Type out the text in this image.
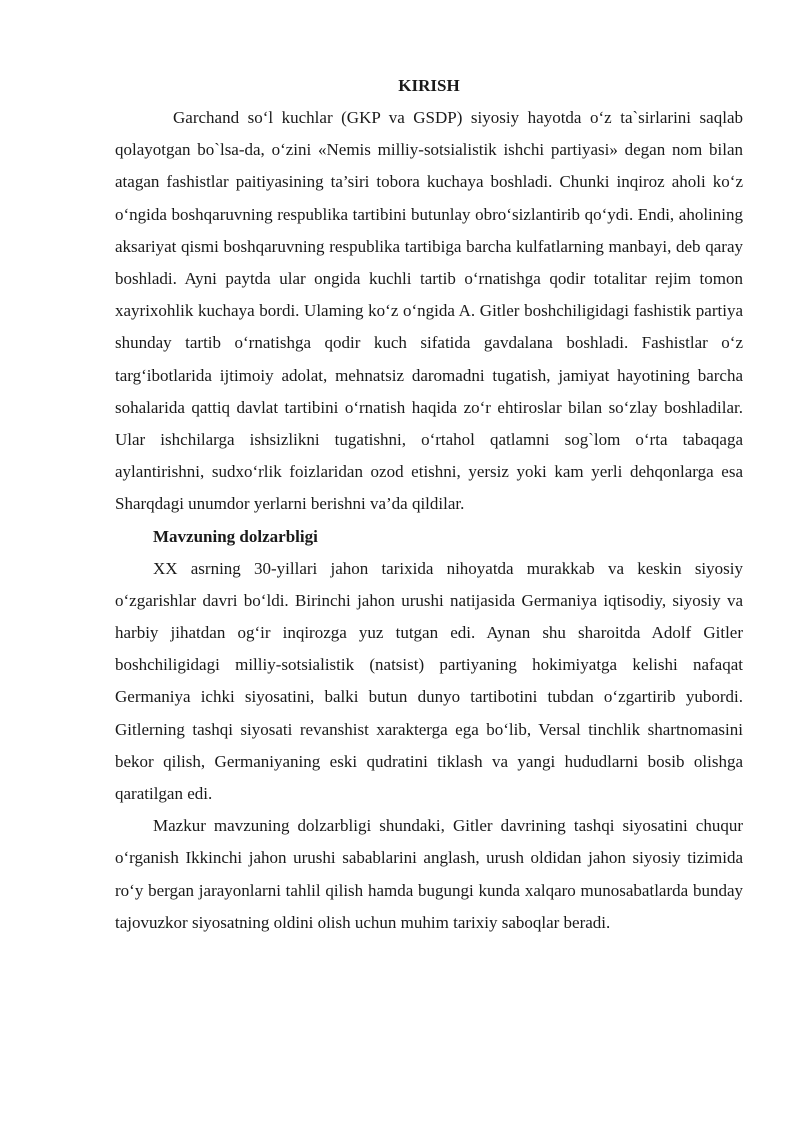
KIRISH

Garchand so‘l kuchlar (GKP va GSDP) siyosiy hayotda o‘z ta`sirlarini saqlab qolayotgan bo`lsa-da, o‘zini «Nemis milliy-sotsialistik ishchi partiyasi» degan nom bilan atagan fashistlar paitiyasining ta’siri tobora kuchaya boshladi. Chunki inqiroz aholi ko‘z o‘ngida boshqaruvning respublika tartibini butunlay obro‘sizlantirib qo‘ydi. Endi, aholining aksariyat qismi boshqaruvning respublika tartibiga barcha kulfatlarning manbayi, deb qaray boshladi. Ayni paytda ular ongida kuchli tartib o‘rnatishga qodir totalitar rejim tomon xayrixohlik kuchaya bordi. Ulaming ko‘z o‘ngida A. Gitler boshchiligidagi fashistik partiya shunday tartib o‘rnatishga qodir kuch sifatida gavdalana boshladi. Fashistlar o‘z targ‘ibotlarida ijtimoiy adolat, mehnatsiz daromadni tugatish, jamiyat hayotining barcha sohalarida qattiq davlat tartibini o‘rnatish haqida zo‘r ehtiroslar bilan so‘zlay boshladilar. Ular ishchilarga ishsizlikni tugatishni, o‘rtahol qatlamni sog`lom o‘rta tabaqaga aylantirishni, sudxo‘rlik foizlaridan ozod etishni, yersiz yoki kam yerli dehqonlarga esa Sharqdagi unumdor yerlarni berishni va’da qildilar.

Mavzuning dolzarbligi

XX asrning 30-yillari jahon tarixida nihoyatda murakkab va keskin siyosiy o‘zgarishlar davri bo‘ldi. Birinchi jahon urushi natijasida Germaniya iqtisodiy, siyosiy va harbiy jihatdan og‘ir inqirozga yuz tutgan edi. Aynan shu sharoitda Adolf Gitler boshchiligidagi milliy-sotsialistik (natsist) partiyaning hokimiyatga kelishi nafaqat Germaniya ichki siyosatini, balki butun dunyo tartibotini tubdan o‘zgartirib yubordi. Gitlerning tashqi siyosati revanshist xarakterga ega bo‘lib, Versal tinchlik shartnomasini bekor qilish, Germaniyaning eski qudratini tiklash va yangi hududlarni bosib olishga qaratilgan edi.

Mazkur mavzuning dolzarbligi shundaki, Gitler davrining tashqi siyosatini chuqur o‘rganish Ikkinchi jahon urushi sabablarini anglash, urush oldidan jahon siyosiy tizimida ro‘y bergan jarayonlarni tahlil qilish hamda bugungi kunda xalqaro munosabatlarda bunday tajovuzkor siyosatning oldini olish uchun muhim tarixiy saboqlar beradi.
